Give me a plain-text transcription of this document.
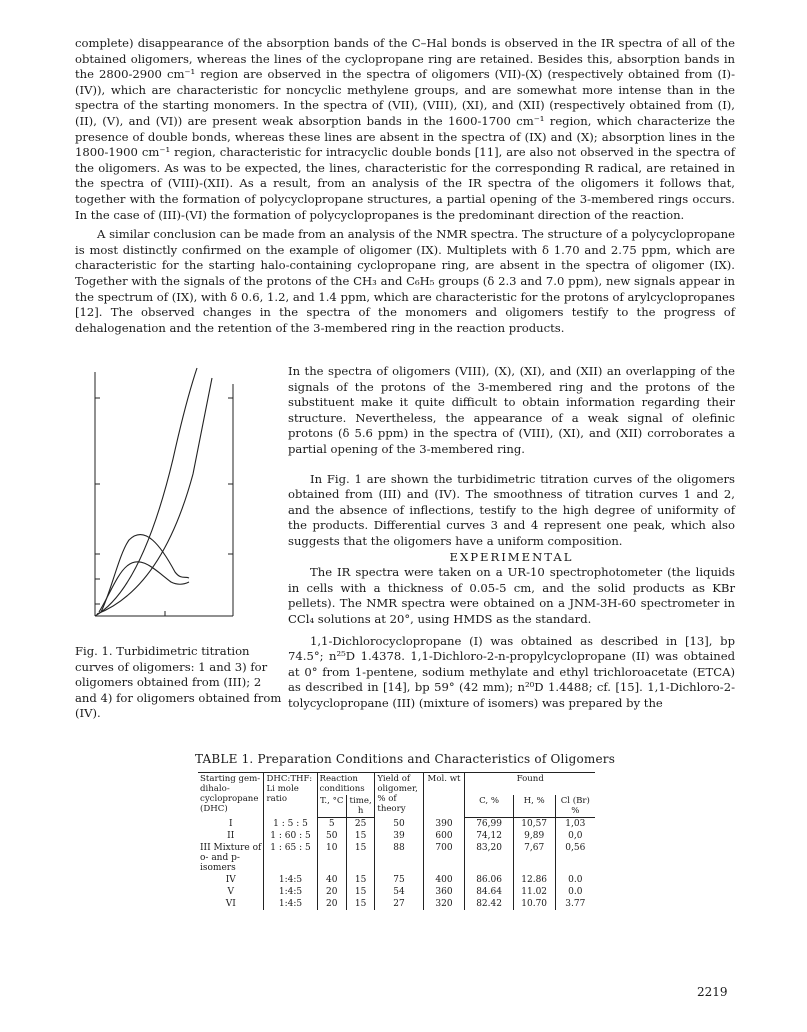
complete) disappearance of the absorption bands of the C–Hal bonds is observed in the IR spectra of all of the obtained oligomers, whereas the lines of the cyclopropane ring are retained. Besides this, absorption bands in the 2800-2900 cm⁻¹ region are observed in the spectra of oligomers (VII)-(X) (respectively obtained from (I)-(IV)), which are characteristic for noncyclic methylene groups, and are somewhat more intense than in the spectra of the starting monomers. In the spectra of (VII), (VIII), (XI), and (XII) (respectively obtained from (I), (II), (V), and (VI)) are present weak absorption bands in the 1600-1700 cm⁻¹ region, which characterize the presence of double bonds, whereas these lines are absent in the spectra of (IX) and (X); absorption lines in the 1800-1900 cm⁻¹ region, characteristic for intracyclic double bonds [11], are also not observed in the spectra of the oligomers. As was to be expected, the lines, characteristic for the corresponding R radical, are retained in the spectra of (VIII)-(XII). As a result, from an analysis of the IR spectra of the oligomers it follows that, together with the formation of polycyclopropane structures, a partial opening of the 3-membered rings occurs. In the case of (III)-(VI) the formation of polycyclopropanes is the predominant direction of the reaction.

A similar conclusion can be made from an analysis of the NMR spectra. The structure of a polycyclopropane is most distinctly confirmed on the example of oligomer (IX). Multiplets with δ 1.70 and 2.75 ppm, which are characteristic for the starting halo-containing cyclopropane ring, are absent in the spectra of oligomer (IX). Together with the signals of the protons of the CH₃ and C₆H₅ groups (δ 2.3 and 7.0 ppm), new signals appear in the spectrum of (IX), with δ 0.6, 1.2, and 1.4 ppm, which are characteristic for the protons of arylcyclopropanes [12]. The observed changes in the spectra of the monomers and oligomers testify to the progress of dehalogenation and the retention of the 3-membered ring in the reaction products.

In the spectra of oligomers (VIII), (X), (XI), and (XII) an overlapping of the signals of the protons of the 3-membered ring and the protons of the substituent make it quite difficult to obtain information regarding their structure. Nevertheless, the appearance of a weak signal of olefinic protons (δ 5.6 ppm) in the spectra of (VIII), (XI), and (XII) corroborates a partial opening of the 3-membered ring.

In Fig. 1 are shown the turbidimetric titration curves of the oligomers obtained from (III) and (IV). The smoothness of titration curves 1 and 2, and the absence of inflections, testify to the high degree of uniformity of the products. Differential curves 3 and 4 represent one peak, which also suggests that the oligomers have a uniform composition.

EXPERIMENTAL

The IR spectra were taken on a UR-10 spectrophotometer (the liquids in cells with a thickness of 0.05-5 cm, and the solid products as KBr pellets). The NMR spectra were obtained on a JNM-3H-60 spectrometer in CCl₄ solutions at 20°, using HMDS as the standard.

1,1-Dichlorocyclopropane (I) was obtained as described in [13], bp 74.5°; n²⁵D 1.4378. 1,1-Dichloro-2-n-propylcyclopropane (II) was obtained at 0° from 1-pentene, sodium methylate and ethyl trichloroacetate (ETCA) as described in [14], bp 59° (42 mm); n²⁰D 1.4488; cf. [15]. 1,1-Dichloro-2-tolycyclopropane (III) (mixture of isomers) was prepared by the

Fig. 1. Turbidimetric titration curves of oligomers: 1 and 3) for oligomers obtained from (III); 2 and 4) for oligomers obtained from (IV).
TABLE 1. Preparation Conditions and Characteristics of Oligomers
Starting gem-dihalo-cyclopropane (DHC)	DHC:THF: Li mole ratio	Reaction conditions		Yield of oligomer, % of theory	Mol. wt	Found		
		T., °C	time, h			C, %	H, %	Cl (Br) %
I	1 : 5 : 5	5	25	50	390	76,99	10,57	1,03
II	1 : 60 : 5	50	15	39	600	74,12	9,89	0,0
III Mixture of o- and p-isomers	1 : 65 : 5	10	15	88	700	83,20	7,67	0,56
IV	1:4:5	40	15	75	400	86.06	12.86	0.0
V	1:4:5	20	15	54	360	84.64	11.02	0.0
VI	1:4:5	20	15	27	320	82.42	10.70	3.77
2219
